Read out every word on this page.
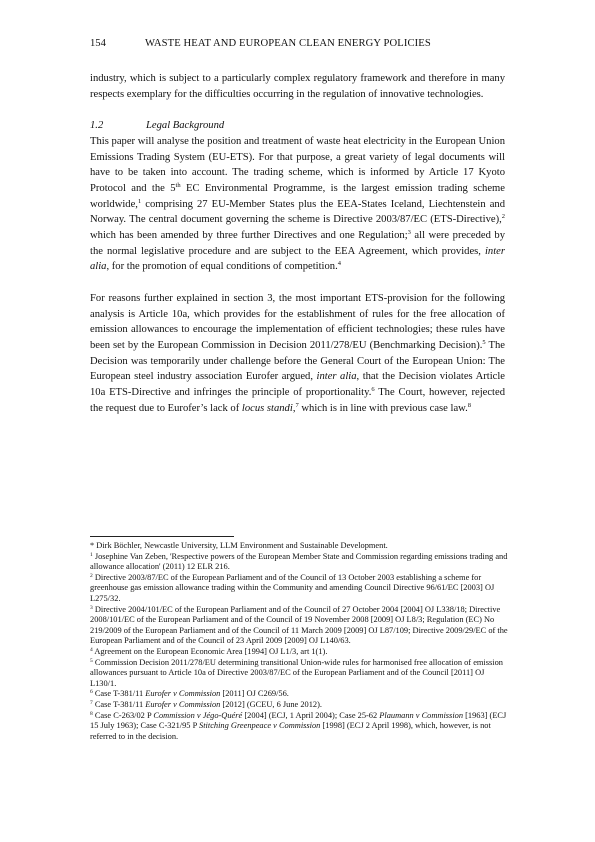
154	WASTE HEAT AND EUROPEAN CLEAN ENERGY POLICIES

industry, which is subject to a particularly complex regulatory framework and therefore in many respects exemplary for the difficulties occurring in the regulation of innovative technologies.

1.2	Legal Background

This paper will analyse the position and treatment of waste heat electricity in the European Union Emissions Trading System (EU-ETS). For that purpose, a great variety of legal documents will have to be taken into account. The trading scheme, which is informed by Article 17 Kyoto Protocol and the 5th EC Environmental Programme, is the largest emission trading scheme worldwide,$^1$ comprising 27 EU-Member States plus the EEA-States Iceland, Liechtenstein and Norway. The central document governing the scheme is Directive 2003/87/EC (ETS-Directive),$^2$ which has been amended by three further Directives and one Regulation;$^3$ all were preceded by the normal legislative procedure and are subject to the EEA Agreement, which provides, inter alia, for the promotion of equal conditions of competition.$^4$

For reasons further explained in section 3, the most important ETS-provision for the following analysis is Article 10a, which provides for the establishment of rules for the free allocation of emission allowances to encourage the implementation of efficient technologies; these rules have been set by the European Commission in Decision 2011/278/EU (Benchmarking Decision).$^5$ The Decision was temporarily under challenge before the General Court of the European Union: The European steel industry association Eurofer argued, inter alia, that the Decision violates Article 10a ETS-Directive and infringes the principle of proportionality.$^6$ The Court, however, rejected the request due to Eurofer’s lack of locus standi,$^7$ which is in line with previous case law.$^8$

* Dirk Böchler, Newcastle University, LLM Environment and Sustainable Development.
$^1$ Josephine Van Zeben, 'Respective powers of the European Member State and Commission regarding emissions trading and allowance allocation' (2011) 12 ELR 216.
$^2$ Directive 2003/87/EC of the European Parliament and of the Council of 13 October 2003 establishing a scheme for greenhouse gas emission allowance trading within the Community and amending Council Directive 96/61/EC [2003] OJ L275/32.
$^3$ Directive 2004/101/EC of the European Parliament and of the Council of 27 October 2004 [2004] OJ L338/18; Directive 2008/101/EC of the European Parliament and of the Council of 19 November 2008 [2009] OJ L8/3; Regulation (EC) No 219/2009 of the European Parliament and of the Council of 11 March 2009 [2009] OJ L87/109; Directive 2009/29/EC of the European Parliament and of the Council of 23 April 2009 [2009] OJ L140/63.
$^4$ Agreement on the European Economic Area [1994] OJ L1/3, art 1(1).
$^5$ Commission Decision 2011/278/EU determining transitional Union-wide rules for harmonised free allocation of emission allowances pursuant to Article 10a of Directive 2003/87/EC of the European Parliament and of the Council [2011] OJ L130/1.
$^6$ Case T-381/11 Eurofer v Commission [2011] OJ C269/56.
$^7$ Case T-381/11 Eurofer v Commission [2012] (GCEU, 6 June 2012).
$^8$ Case C-263/02 P Commission v Jégo-Quéré [2004] (ECJ, 1 April 2004); Case 25-62 Plaumann v Commission [1963] (ECJ 15 July 1963); Case C-321/95 P Stitching Greenpeace v Commission [1998] (ECJ 2 April 1998), which, however, is not referred to in the decision.
